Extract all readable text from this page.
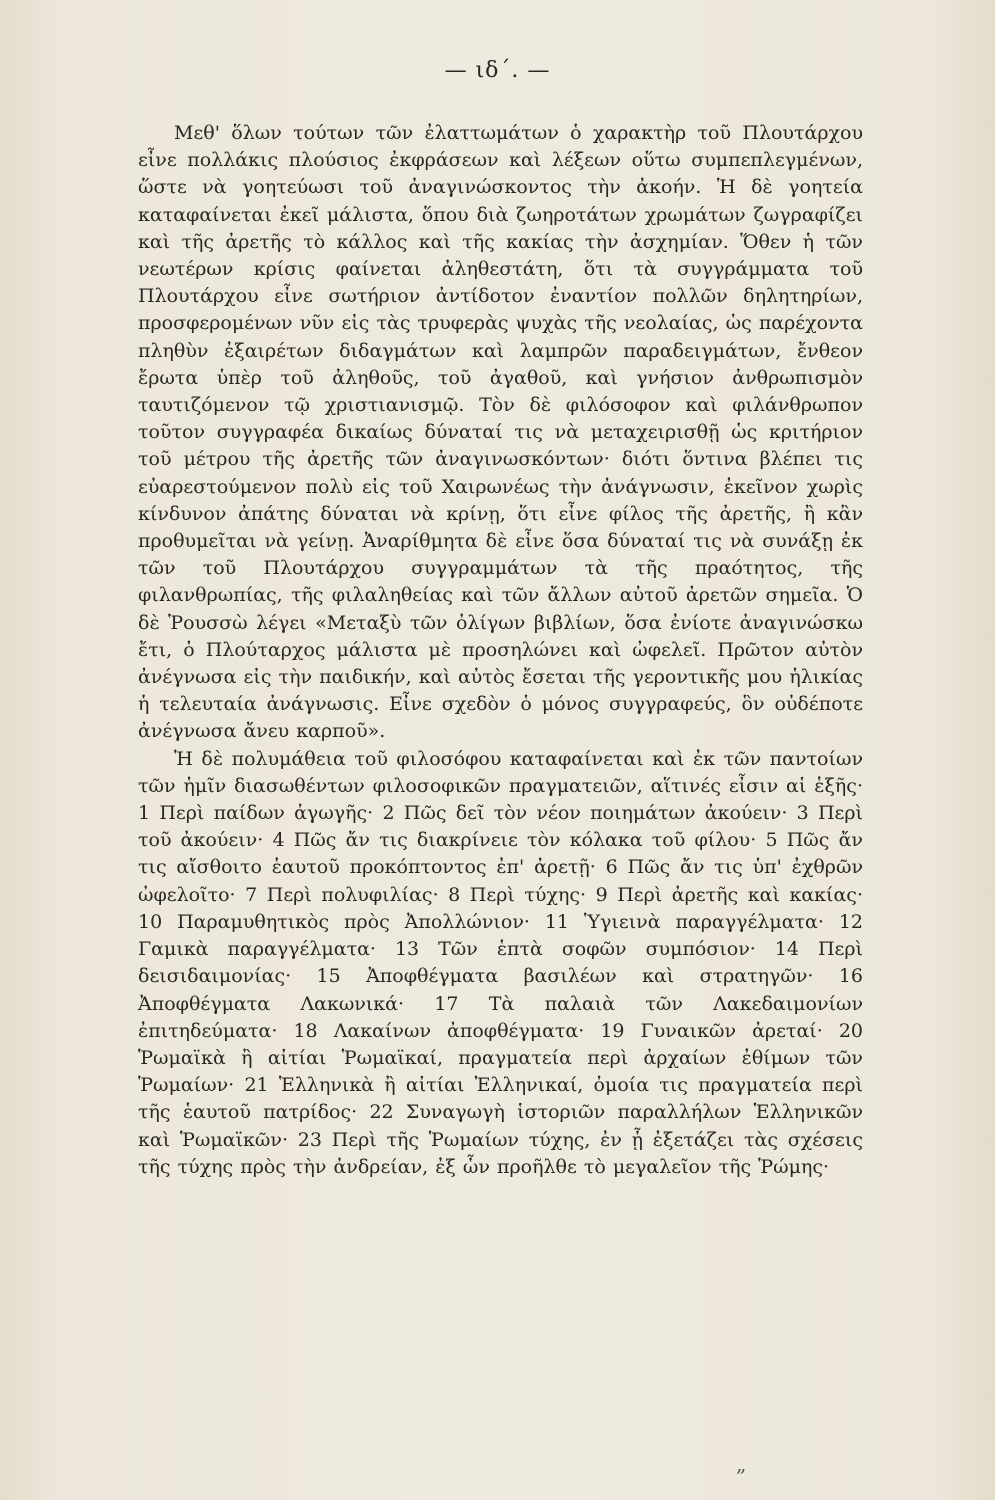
— ιδ΄. —

Μεθ' ὅλων τούτων τῶν ἐλαττωμάτων ὁ χαρακτὴρ τοῦ Πλουτάρχου εἶνε πολλάκις πλούσιος ἐκφράσεων καὶ λέξεων οὕτω συμπεπλεγμένων, ὥστε νὰ γοητεύωσι τοῦ ἀναγινώσκοντος τὴν ἀκοήν. Ἡ δὲ γοητεία καταφαίνεται ἐκεῖ μάλιστα, ὅπου διὰ ζωηροτάτων χρωμάτων ζωγραφίζει καὶ τῆς ἀρετῆς τὸ κάλλος καὶ τῆς κακίας τὴν ἀσχημίαν. Ὅθεν ἡ τῶν νεωτέρων κρίσις φαίνεται ἀληθεστάτη, ὅτι τὰ συγγράμματα τοῦ Πλουτάρχου εἶνε σωτήριον ἀντίδοτον ἐναντίον πολλῶν δηλητηρίων, προσφερομένων νῦν εἰς τὰς τρυφερὰς ψυχὰς τῆς νεολαίας, ὡς παρέχοντα πληθὺν ἐξαιρέτων διδαγμάτων καὶ λαμπρῶν παραδειγμάτων, ἔνθεον ἔρωτα ὑπὲρ τοῦ ἀληθοῦς, τοῦ ἀγαθοῦ, καὶ γνήσιον ἀνθρωπισμὸν ταυτιζόμενον τῷ χριστιανισμῷ. Τὸν δὲ φιλόσοφον καὶ φιλάνθρωπον τοῦτον συγγραφέα δικαίως δύναταί τις νὰ μεταχειρισθῇ ὡς κριτήριον τοῦ μέτρου τῆς ἀρετῆς τῶν ἀναγινωσκόντων· διότι ὅντινα βλέπει τις εὐαρεστούμενον πολὺ εἰς τοῦ Χαιρωνέως τὴν ἀνάγνωσιν, ἐκεῖνον χωρὶς κίνδυνον ἀπάτης δύναται νὰ κρίνῃ, ὅτι εἶνε φίλος τῆς ἀρετῆς, ἢ κἂν προθυμεῖται νὰ γείνῃ. Ἀναρίθμητα δὲ εἶνε ὅσα δύναταί τις νὰ συνάξῃ ἐκ τῶν τοῦ Πλουτάρχου συγγραμμάτων τὰ τῆς πραότητος, τῆς φιλανθρωπίας, τῆς φιλαληθείας καὶ τῶν ἄλλων αὐτοῦ ἀρετῶν σημεῖα. Ὁ δὲ Ῥουσσὼ λέγει «Μεταξὺ τῶν ὀλίγων βιβλίων, ὅσα ἐνίοτε ἀναγινώσκω ἔτι, ὁ Πλούταρχος μάλιστα μὲ προσηλώνει καὶ ὠφελεῖ. Πρῶτον αὐτὸν ἀνέγνωσα εἰς τὴν παιδικήν, καὶ αὐτὸς ἔσεται τῆς γεροντικῆς μου ἡλικίας ἡ τελευταία ἀνάγνωσις. Εἶνε σχεδὸν ὁ μόνος συγγραφεύς, ὃν οὐδέποτε ἀνέγνωσα ἄνευ καρποῦ».

Ἡ δὲ πολυμάθεια τοῦ φιλοσόφου καταφαίνεται καὶ ἐκ τῶν παντοίων τῶν ἡμῖν διασωθέντων φιλοσοφικῶν πραγματειῶν, αἵτινές εἶσιν αἱ ἑξῆς· 1 Περὶ παίδων ἀγωγῆς· 2 Πῶς δεῖ τὸν νέον ποιημάτων ἀκούειν· 3 Περὶ τοῦ ἀκούειν· 4 Πῶς ἄν τις διακρίνειε τὸν κόλακα τοῦ φίλου· 5 Πῶς ἄν τις αἴσθοιτο ἑαυτοῦ προκόπτοντος ἐπ' ἀρετῇ· 6 Πῶς ἄν τις ὑπ' ἐχθρῶν ὠφελοῖτο· 7 Περὶ πολυφιλίας· 8 Περὶ τύχης· 9 Περὶ ἀρετῆς καὶ κακίας· 10 Παραμυθητικὸς πρὸς Ἀπολλώνιον· 11 Ὑγιεινὰ παραγγέλματα· 12 Γαμικὰ παραγγέλματα· 13 Τῶν ἑπτὰ σοφῶν συμπόσιον· 14 Περὶ δεισιδαιμονίας· 15 Ἀποφθέγματα βασιλέων καὶ στρατηγῶν· 16 Ἀποφθέγματα Λακωνικά· 17 Τὰ παλαιὰ τῶν Λακεδαιμονίων ἐπιτηδεύματα· 18 Λακαίνων ἀποφθέγματα· 19 Γυναικῶν ἀρεταί· 20 Ῥωμαϊκὰ ἢ αἰτίαι Ῥωμαϊκαί, πραγματεία περὶ ἀρχαίων ἐθίμων τῶν Ῥωμαίων· 21 Ἑλληνικὰ ἢ αἰτίαι Ἑλληνικαί, ὁμοία τις πραγματεία περὶ τῆς ἑαυτοῦ πατρίδος· 22 Συναγωγὴ ἱστοριῶν παραλλήλων Ἑλληνικῶν καὶ Ῥωμαϊκῶν· 23 Περὶ τῆς Ῥωμαίων τύχης, ἐν ᾗ ἐξετάζει τὰς σχέσεις τῆς τύχης πρὸς τὴν ἀνδρείαν, ἐξ ὧν προῆλθε τὸ μεγαλεῖον τῆς Ῥώμης·

„
